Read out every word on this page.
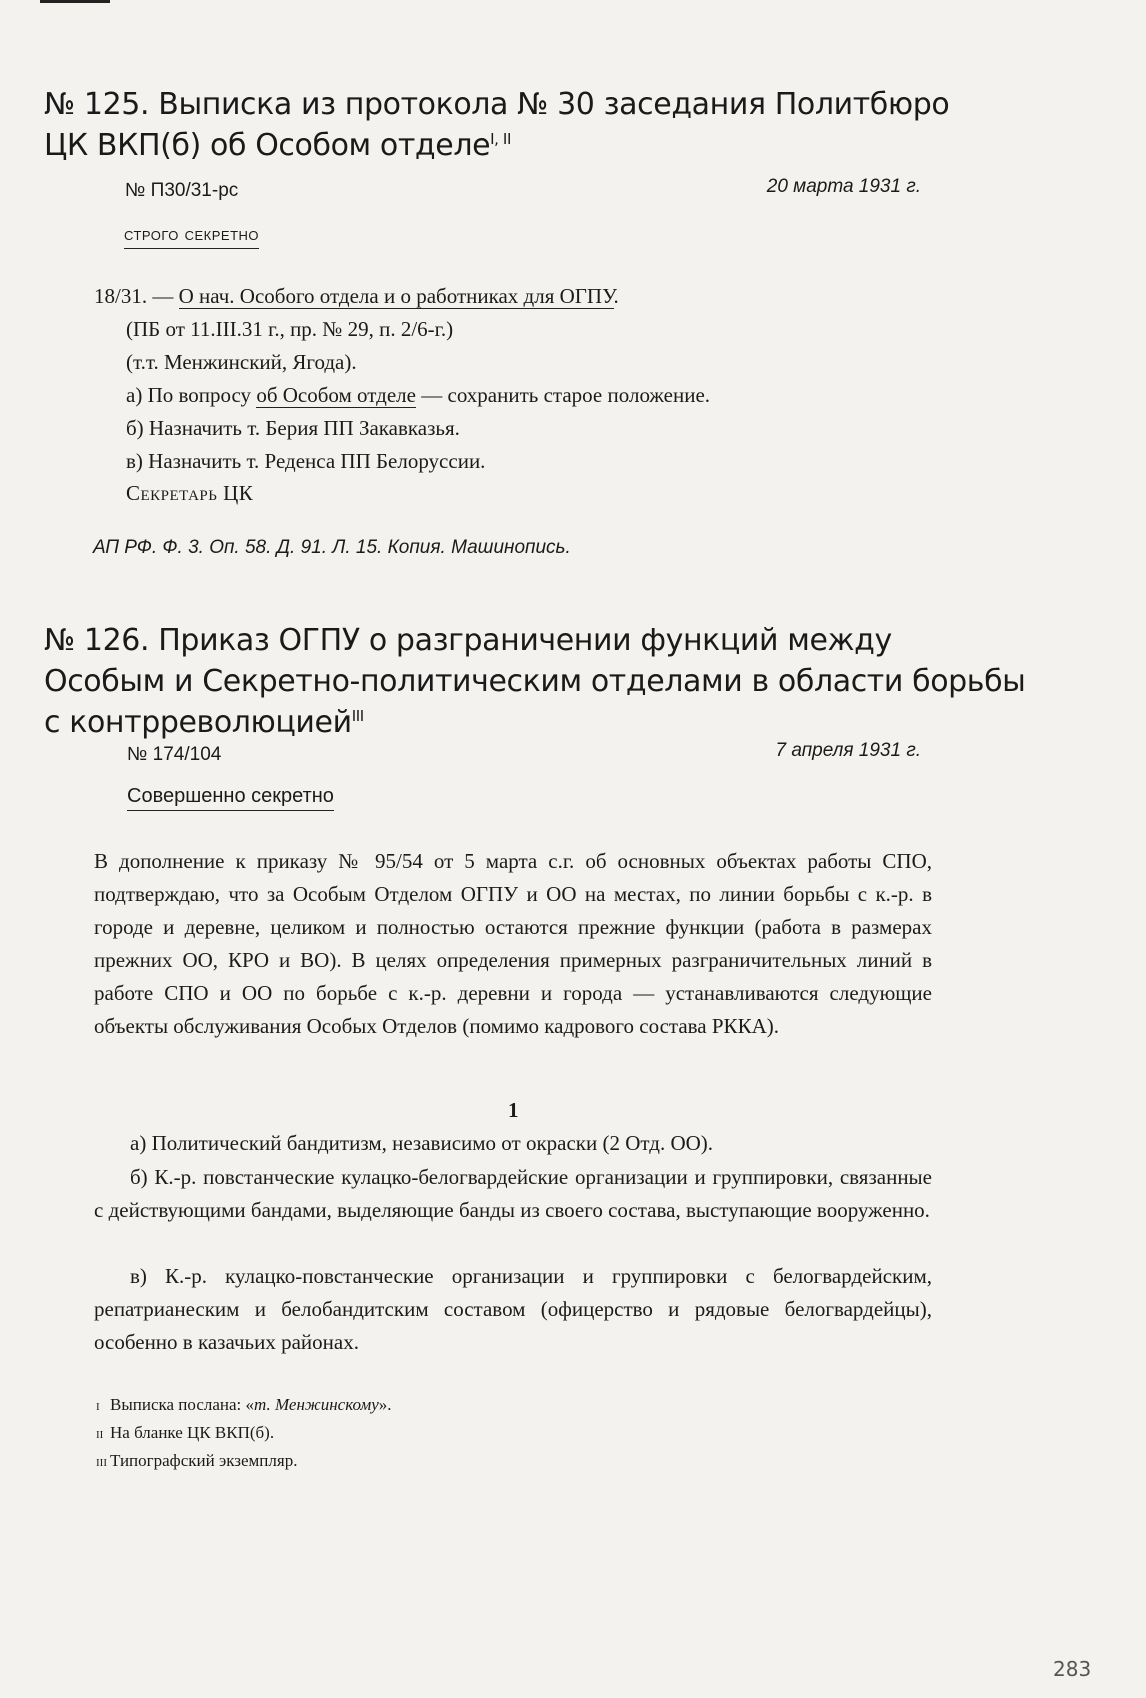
№ 125. Выписка из протокола № 30 заседания Политбюро
ЦК ВКП(б) об Особом отделе$^{I, II}$
№ П30/31-рс	20 марта 1931 г.
строго секретно
18/31. — О нач. Особого отдела и о работниках для ОГПУ.
(ПБ от 11.III.31 г., пр. № 29, п. 2/6-г.)
(т.т. Менжинский, Ягода).
а) По вопросу об Особом отделе — сохранить старое положение.
б) Назначить т. Берия ПП Закавказья.
в) Назначить т. Реденса ПП Белоруссии.
Секретарь ЦК
АП РФ. Ф. 3. Оп. 58. Д. 91. Л. 15. Копия. Машинопись.
№ 126. Приказ ОГПУ о разграничении функций между
Особым и Секретно-политическим отделами в области борьбы
с контрреволюцией$^{III}$
№ 174/104	7 апреля 1931 г.
Совершенно секретно

В дополнение к приказу № 95/54 от 5 марта с.г. об основных объектах работы СПО, подтверждаю, что за Особым Отделом ОГПУ и ОО на местах, по линии борьбы с к.-р. в городе и деревне, целиком и полностью остаются прежние функции (работа в размерах прежних ОО, КРО и ВО). В целях определения примерных разграничительных линий в работе СПО и ОО по борьбе с к.-р. деревни и города — устанавливаются следующие объекты обслуживания Особых Отделов (помимо кадрового состава РККА).

1

а) Политический бандитизм, независимо от окраски (2 Отд. ОО).

б) К.-р. повстанческие кулацко-белогвардейские организации и группировки, связанные с действующими бандами, выделяющие банды из своего состава, выступающие вооруженно.

в) К.-р. кулацко-повстанческие организации и группировки с белогвардейским, репатрианеским и белобандитским составом (офицерство и рядовые белогвардейцы), особенно в казачьих районах.

I Выписка послана: «т. Менжинскому».
II На бланке ЦК ВКП(б).
III Типографский экземпляр.
283
